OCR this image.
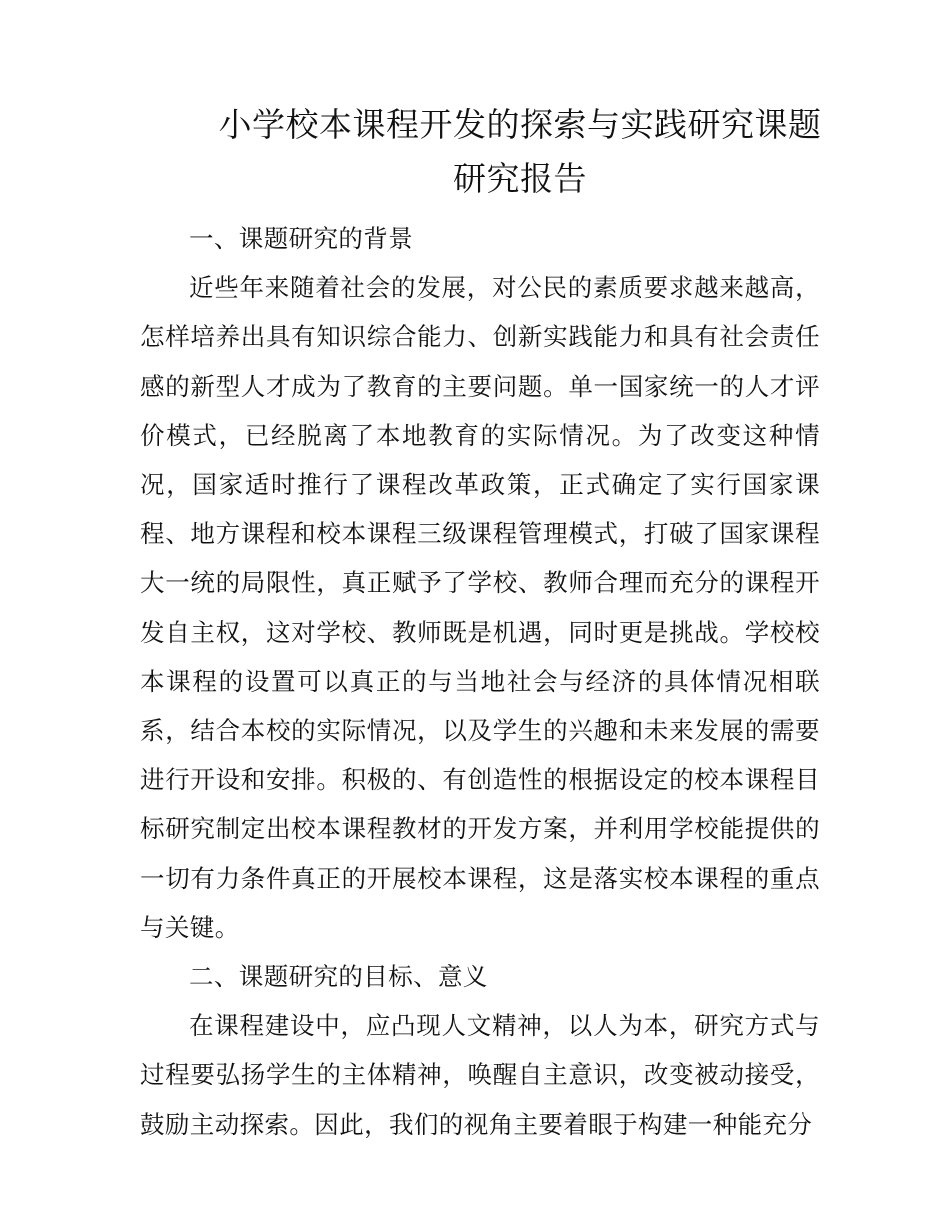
小学校本课程开发的探索与实践研究课题
研究报告

一、课题研究的背景

近些年来随着社会的发展，对公民的素质要求越来越高，怎样培养出具有知识综合能力、创新实践能力和具有社会责任感的新型人才成为了教育的主要问题。单一国家统一的人才评价模式，已经脱离了本地教育的实际情况。为了改变这种情况，国家适时推行了课程改革政策，正式确定了实行国家课程、地方课程和校本课程三级课程管理模式，打破了国家课程大一统的局限性，真正赋予了学校、教师合理而充分的课程开发自主权，这对学校、教师既是机遇，同时更是挑战。学校校本课程的设置可以真正的与当地社会与经济的具体情况相联系，结合本校的实际情况，以及学生的兴趣和未来发展的需要进行开设和安排。积极的、有创造性的根据设定的校本课程目标研究制定出校本课程教材的开发方案，并利用学校能提供的一切有力条件真正的开展校本课程，这是落实校本课程的重点与关键。

二、课题研究的目标、意义

在课程建设中，应凸现人文精神，以人为本，研究方式与过程要弘扬学生的主体精神，唤醒自主意识，改变被动接受，鼓励主动探索。因此，我们的视角主要着眼于构建一种能充分
